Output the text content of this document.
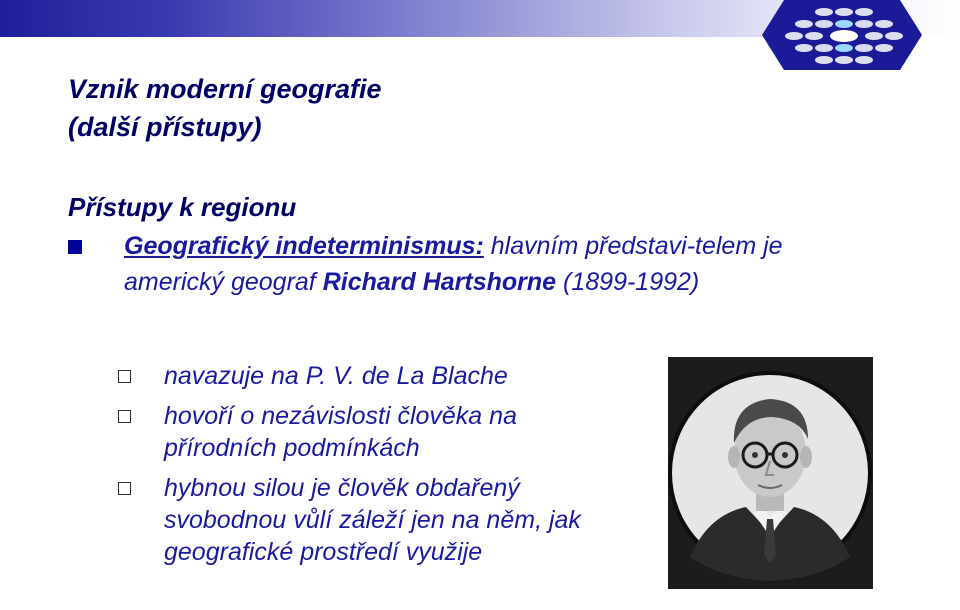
Vznik moderní geografie
(další přístupy)
Přístupy k regionu
Geografický indeterminismus: hlavním představi-telem je americký geograf Richard Hartshorne (1899-1992)
navazuje na P. V. de La Blache
hovoří o nezávislosti člověka na přírodních podmínkách
hybnou silou je člověk obdařený svobodnou vůlí záleží jen na něm, jak geografické prostředí využije
